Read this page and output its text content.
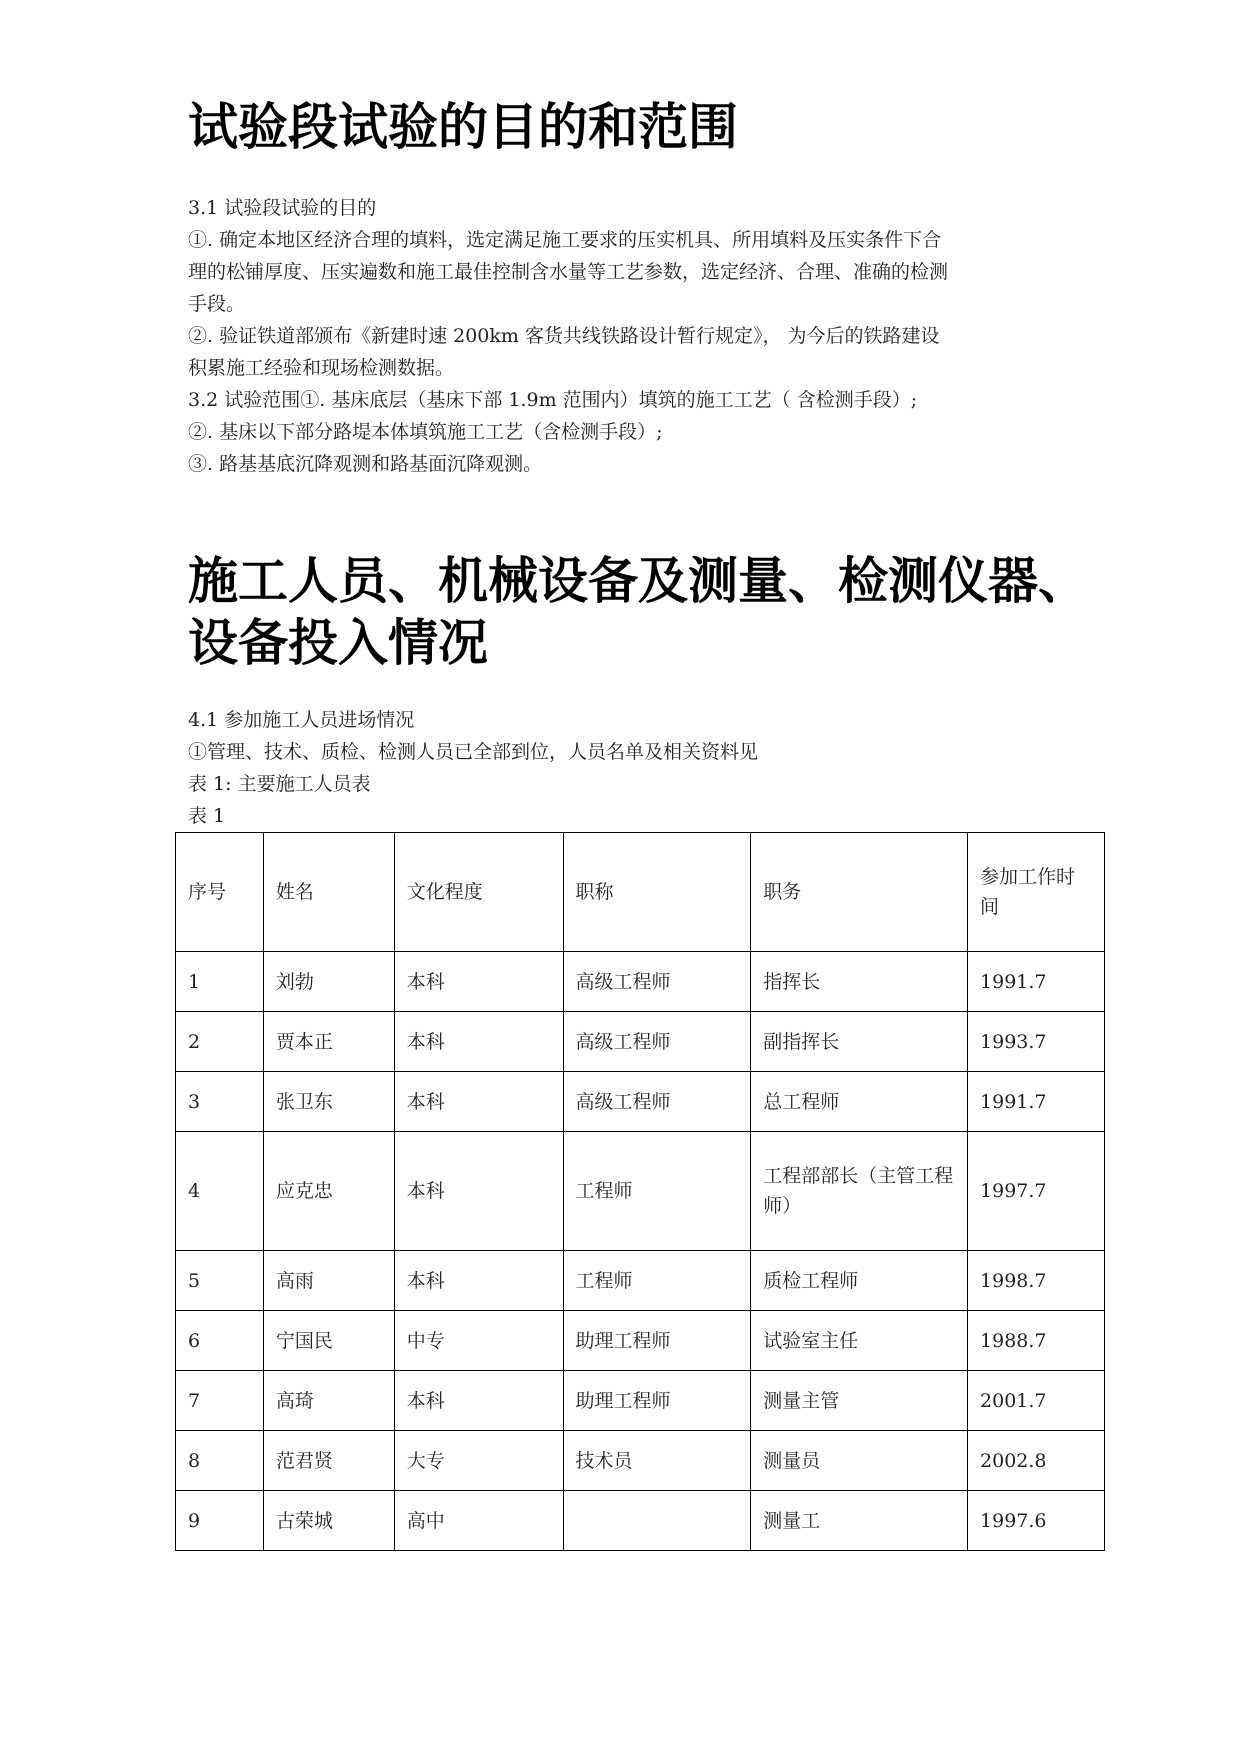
试验段试验的目的和范围
3.1 试验段试验的目的
①. 确定本地区经济合理的填料，选定满足施工要求的压实机具、所用填料及压实条件下合
理的松铺厚度、压实遍数和施工最佳控制含水量等工艺参数，选定经济、合理、准确的检测
手段。
②. 验证铁道部颁布《新建时速 200km 客货共线铁路设计暂行规定》， 为今后的铁路建设
积累施工经验和现场检测数据。
3.2 试验范围①. 基床底层（基床下部 1.9m 范围内）填筑的施工工艺（ 含检测手段）;
②. 基床以下部分路堤本体填筑施工工艺（含检测手段）;
③. 路基基底沉降观测和路基面沉降观测。
施工人员、机械设备及测量、检测仪器、
设备投入情况
4.1 参加施工人员进场情况
①管理、技术、质检、检测人员已全部到位，人员名单及相关资料见
表 1: 主要施工人员表
表 1
序号	姓名	文化程度	职称	职务	参加工作时间
1	刘勃	本科	高级工程师	指挥长	1991.7
2	贾本正	本科	高级工程师	副指挥长	1993.7
3	张卫东	本科	高级工程师	总工程师	1991.7
4	应克忠	本科	工程师	工程部部长（主管工程师）	1997.7
5	高雨	本科	工程师	质检工程师	1998.7
6	宁国民	中专	助理工程师	试验室主任	1988.7
7	高琦	本科	助理工程师	测量主管	2001.7
8	范君贤	大专	技术员	测量员	2002.8
9	古荣城	高中		测量工	1997.6
